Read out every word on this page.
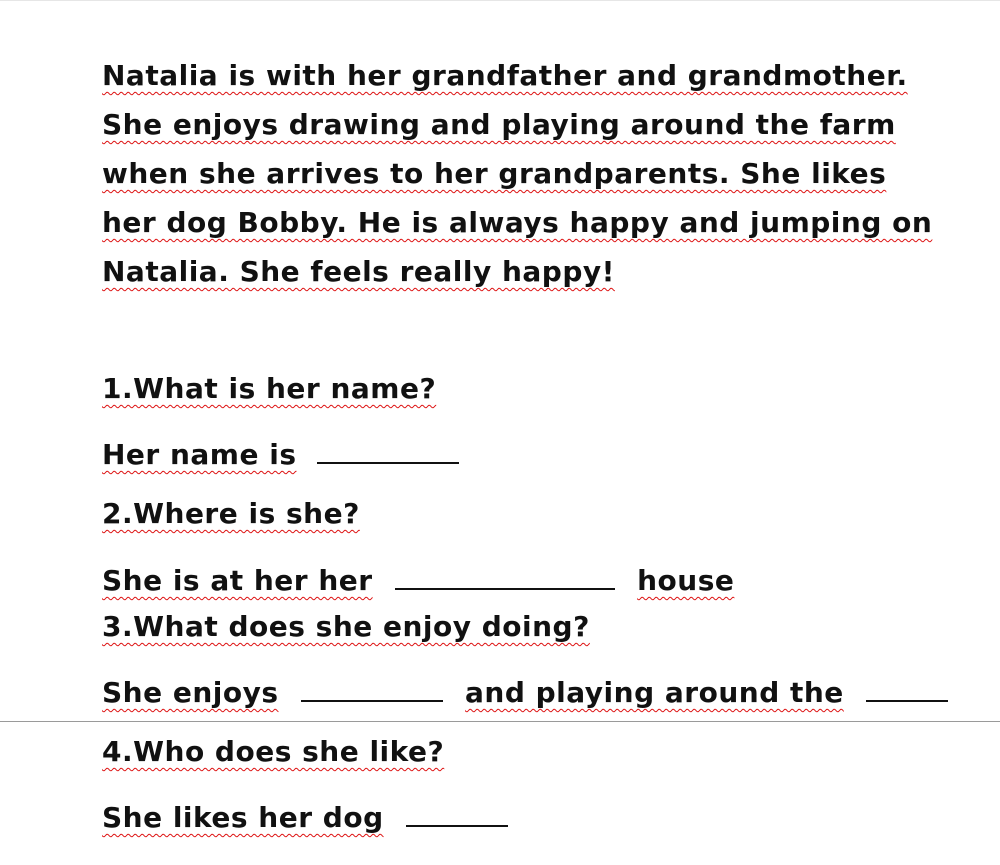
Natalia is with her grandfather and grandmother.
She enjoys drawing and playing around the farm
when she arrives to her grandparents. She likes
her dog Bobby. He is always happy and jumping on
Natalia. She feels really happy!

1.What is her name?

Her name is

2.Where is she?

She is at her her	house

3.What does she enjoy doing?

She enjoys	and playing around the

4.Who does she like?

She likes her dog
